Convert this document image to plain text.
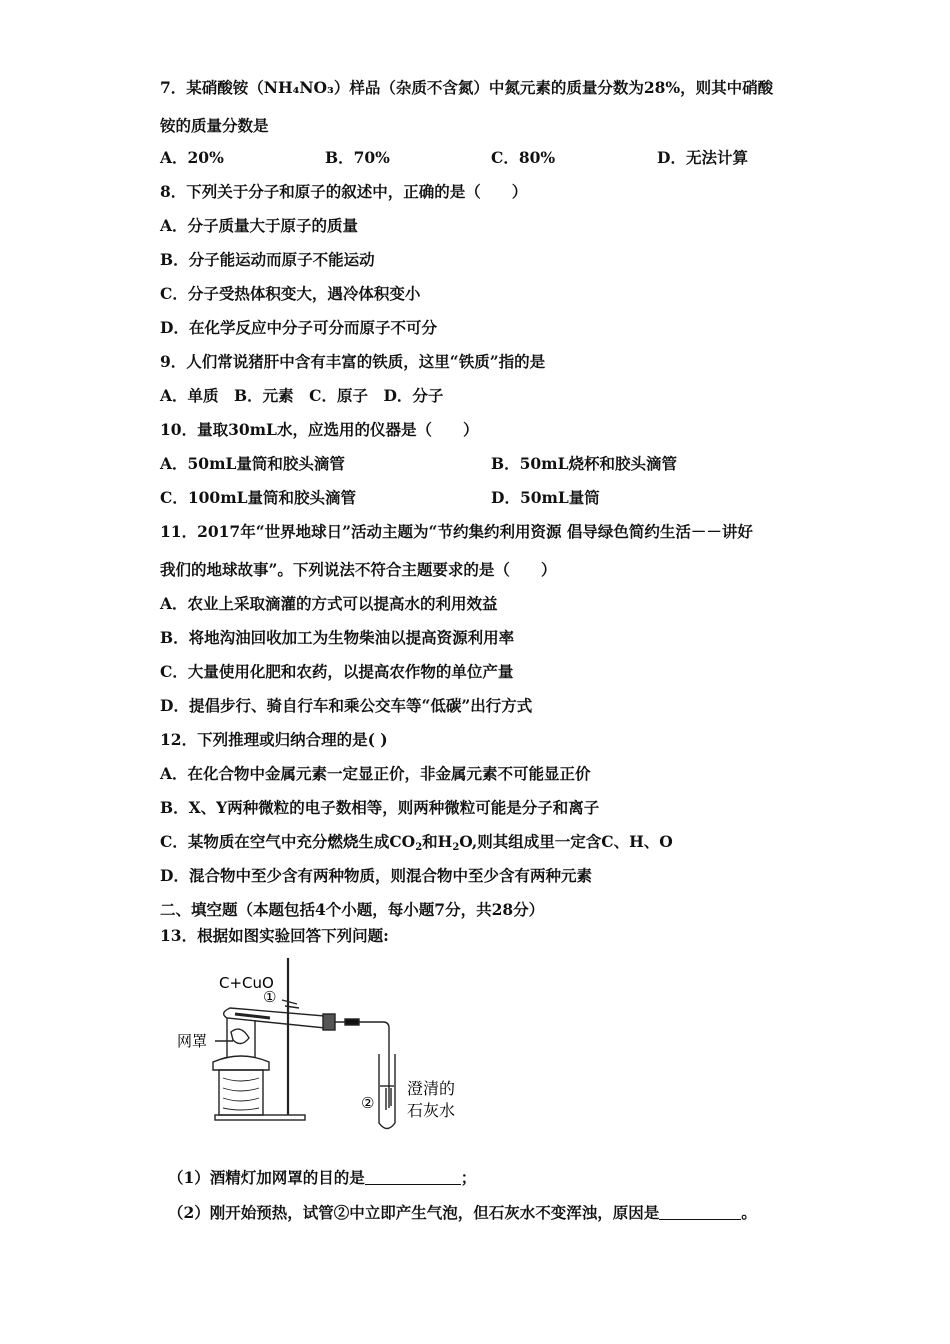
7．某硝酸铵（NH₄NO₃）样品（杂质不含氮）中氮元素的质量分数为28%，则其中硝酸
铵的质量分数是
A．20%	B．70%	C．80%	D．无法计算
8．下列关于分子和原子的叙述中，正确的是（　　）
A．分子质量大于原子的质量
B．分子能运动而原子不能运动
C．分子受热体积变大，遇冷体积变小
D．在化学反应中分子可分而原子不可分
9．人们常说猪肝中含有丰富的铁质，这里“铁质”指的是
A．单质　B．元素　C．原子　D．分子
10．量取30mL水，应选用的仪器是（　　）
A．50mL量筒和胶头滴管	B．50mL烧杯和胶头滴管
C．100mL量筒和胶头滴管	D．50mL量筒
11．2017年“世界地球日”活动主题为“节约集约利用资源 倡导绿色简约生活－－讲好
我们的地球故事”。下列说法不符合主题要求的是（　　）
A．农业上采取滴灌的方式可以提高水的利用效益
B．将地沟油回收加工为生物柴油以提高资源利用率
C．大量使用化肥和农药，以提高农作物的单位产量
D．提倡步行、骑自行车和乘公交车等“低碳”出行方式
12．下列推理或归纳合理的是( )
A．在化合物中金属元素一定显正价，非金属元素不可能显正价
B．X、Y两种微粒的电子数相等，则两种微粒可能是分子和离子
C．某物质在空气中充分燃烧生成$CO_2$和$H_2O$,则其组成里一定含C、H、O
D．混合物中至少含有两种物质，则混合物中至少含有两种元素
二、填空题（本题包括4个小题，每小题7分，共28分）
13．根据如图实验回答下列问题:
C+CuO
①
网罩
②
澄清的
石灰水
（1）酒精灯加网罩的目的是	；
（2）刚开始预热，试管②中立即产生气泡，但石灰水不变浑浊，原因是	。
